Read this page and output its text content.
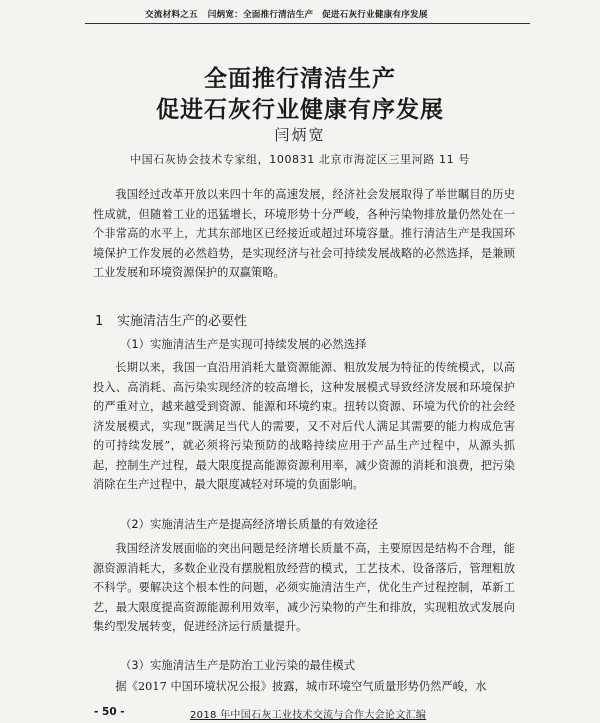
交流材料之五 闫炳宽：全面推行清洁生产　促进石灰行业健康有序发展
全面推行清洁生产
促进石灰行业健康有序发展
闫炳宽
中国石灰协会技术专家组，100831 北京市海淀区三里河路 11 号

我国经过改革开放以来四十年的高速发展，经济社会发展取得了举世瞩目的历史性成就，但随着工业的迅猛增长，环境形势十分严峻，各种污染物排放量仍然处在一个非常高的水平上，尤其东部地区已经接近或超过环境容量。推行清洁生产是我国环境保护工作发展的必然趋势，是实现经济与社会可持续发展战略的必然选择，是兼顾工业发展和环境资源保护的双赢策略。

1 实施清洁生产的必要性
（1）实施清洁生产是实现可持续发展的必然选择

长期以来，我国一直沿用消耗大量资源能源、粗放发展为特征的传统模式，以高投入、高消耗、高污染实现经济的较高增长，这种发展模式导致经济发展和环境保护的严重对立，越来越受到资源、能源和环境约束。扭转以资源、环境为代价的社会经济发展模式，实现“既满足当代人的需要，又不对后代人满足其需要的能力构成危害的可持续发展”，就必须将污染预防的战略持续应用于产品生产过程中，从源头抓起，控制生产过程，最大限度提高能源资源利用率，减少资源的消耗和浪费，把污染消除在生产过程中，最大限度减轻对环境的负面影响。

（2）实施清洁生产是提高经济增长质量的有效途径

我国经济发展面临的突出问题是经济增长质量不高，主要原因是结构不合理，能源资源消耗大，多数企业没有摆脱粗放经营的模式，工艺技术、设备落后，管理粗放不科学。要解决这个根本性的问题，必须实施清洁生产，优化生产过程控制，革新工艺，最大限度提高资源能源利用效率，减少污染物的产生和排放，实现粗放式发展向集约型发展转变，促进经济运行质量提升。

（3）实施清洁生产是防治工业污染的最佳模式

据《2017 中国环境状况公报》披露，城市环境空气质量形势仍然严峻，水

- 50 -	2018 年中国石灰工业技术交流与合作大会论文汇编
